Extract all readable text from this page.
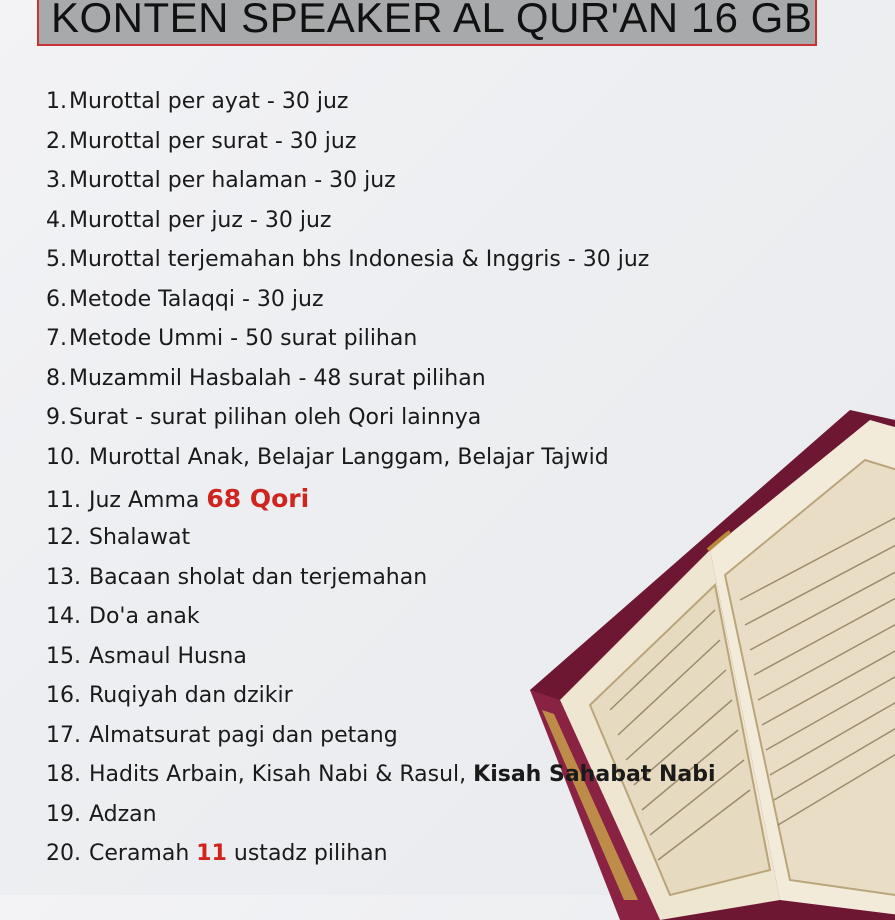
KONTEN SPEAKER AL QUR'AN 16 GB
1.Murottal per ayat - 30 juz
2.Murottal per surat - 30 juz
3.Murottal per halaman - 30 juz
4.Murottal per juz - 30 juz
5.Murottal terjemahan bhs Indonesia & Inggris - 30 juz
6.Metode Talaqqi - 30 juz
7.Metode Ummi - 50 surat pilihan
8.Muzammil Hasbalah - 48 surat pilihan
9.Surat - surat pilihan oleh Qori lainnya
10. Murottal Anak, Belajar Langgam, Belajar Tajwid
11. Juz Amma 68 Qori
12. Shalawat
13. Bacaan sholat dan terjemahan
14. Do'a anak
15. Asmaul Husna
16. Ruqiyah dan dzikir
17. Almatsurat pagi dan petang
18. Hadits Arbain, Kisah Nabi & Rasul, Kisah Sahabat Nabi
19. Adzan
20. Ceramah 11 ustadz pilihan
